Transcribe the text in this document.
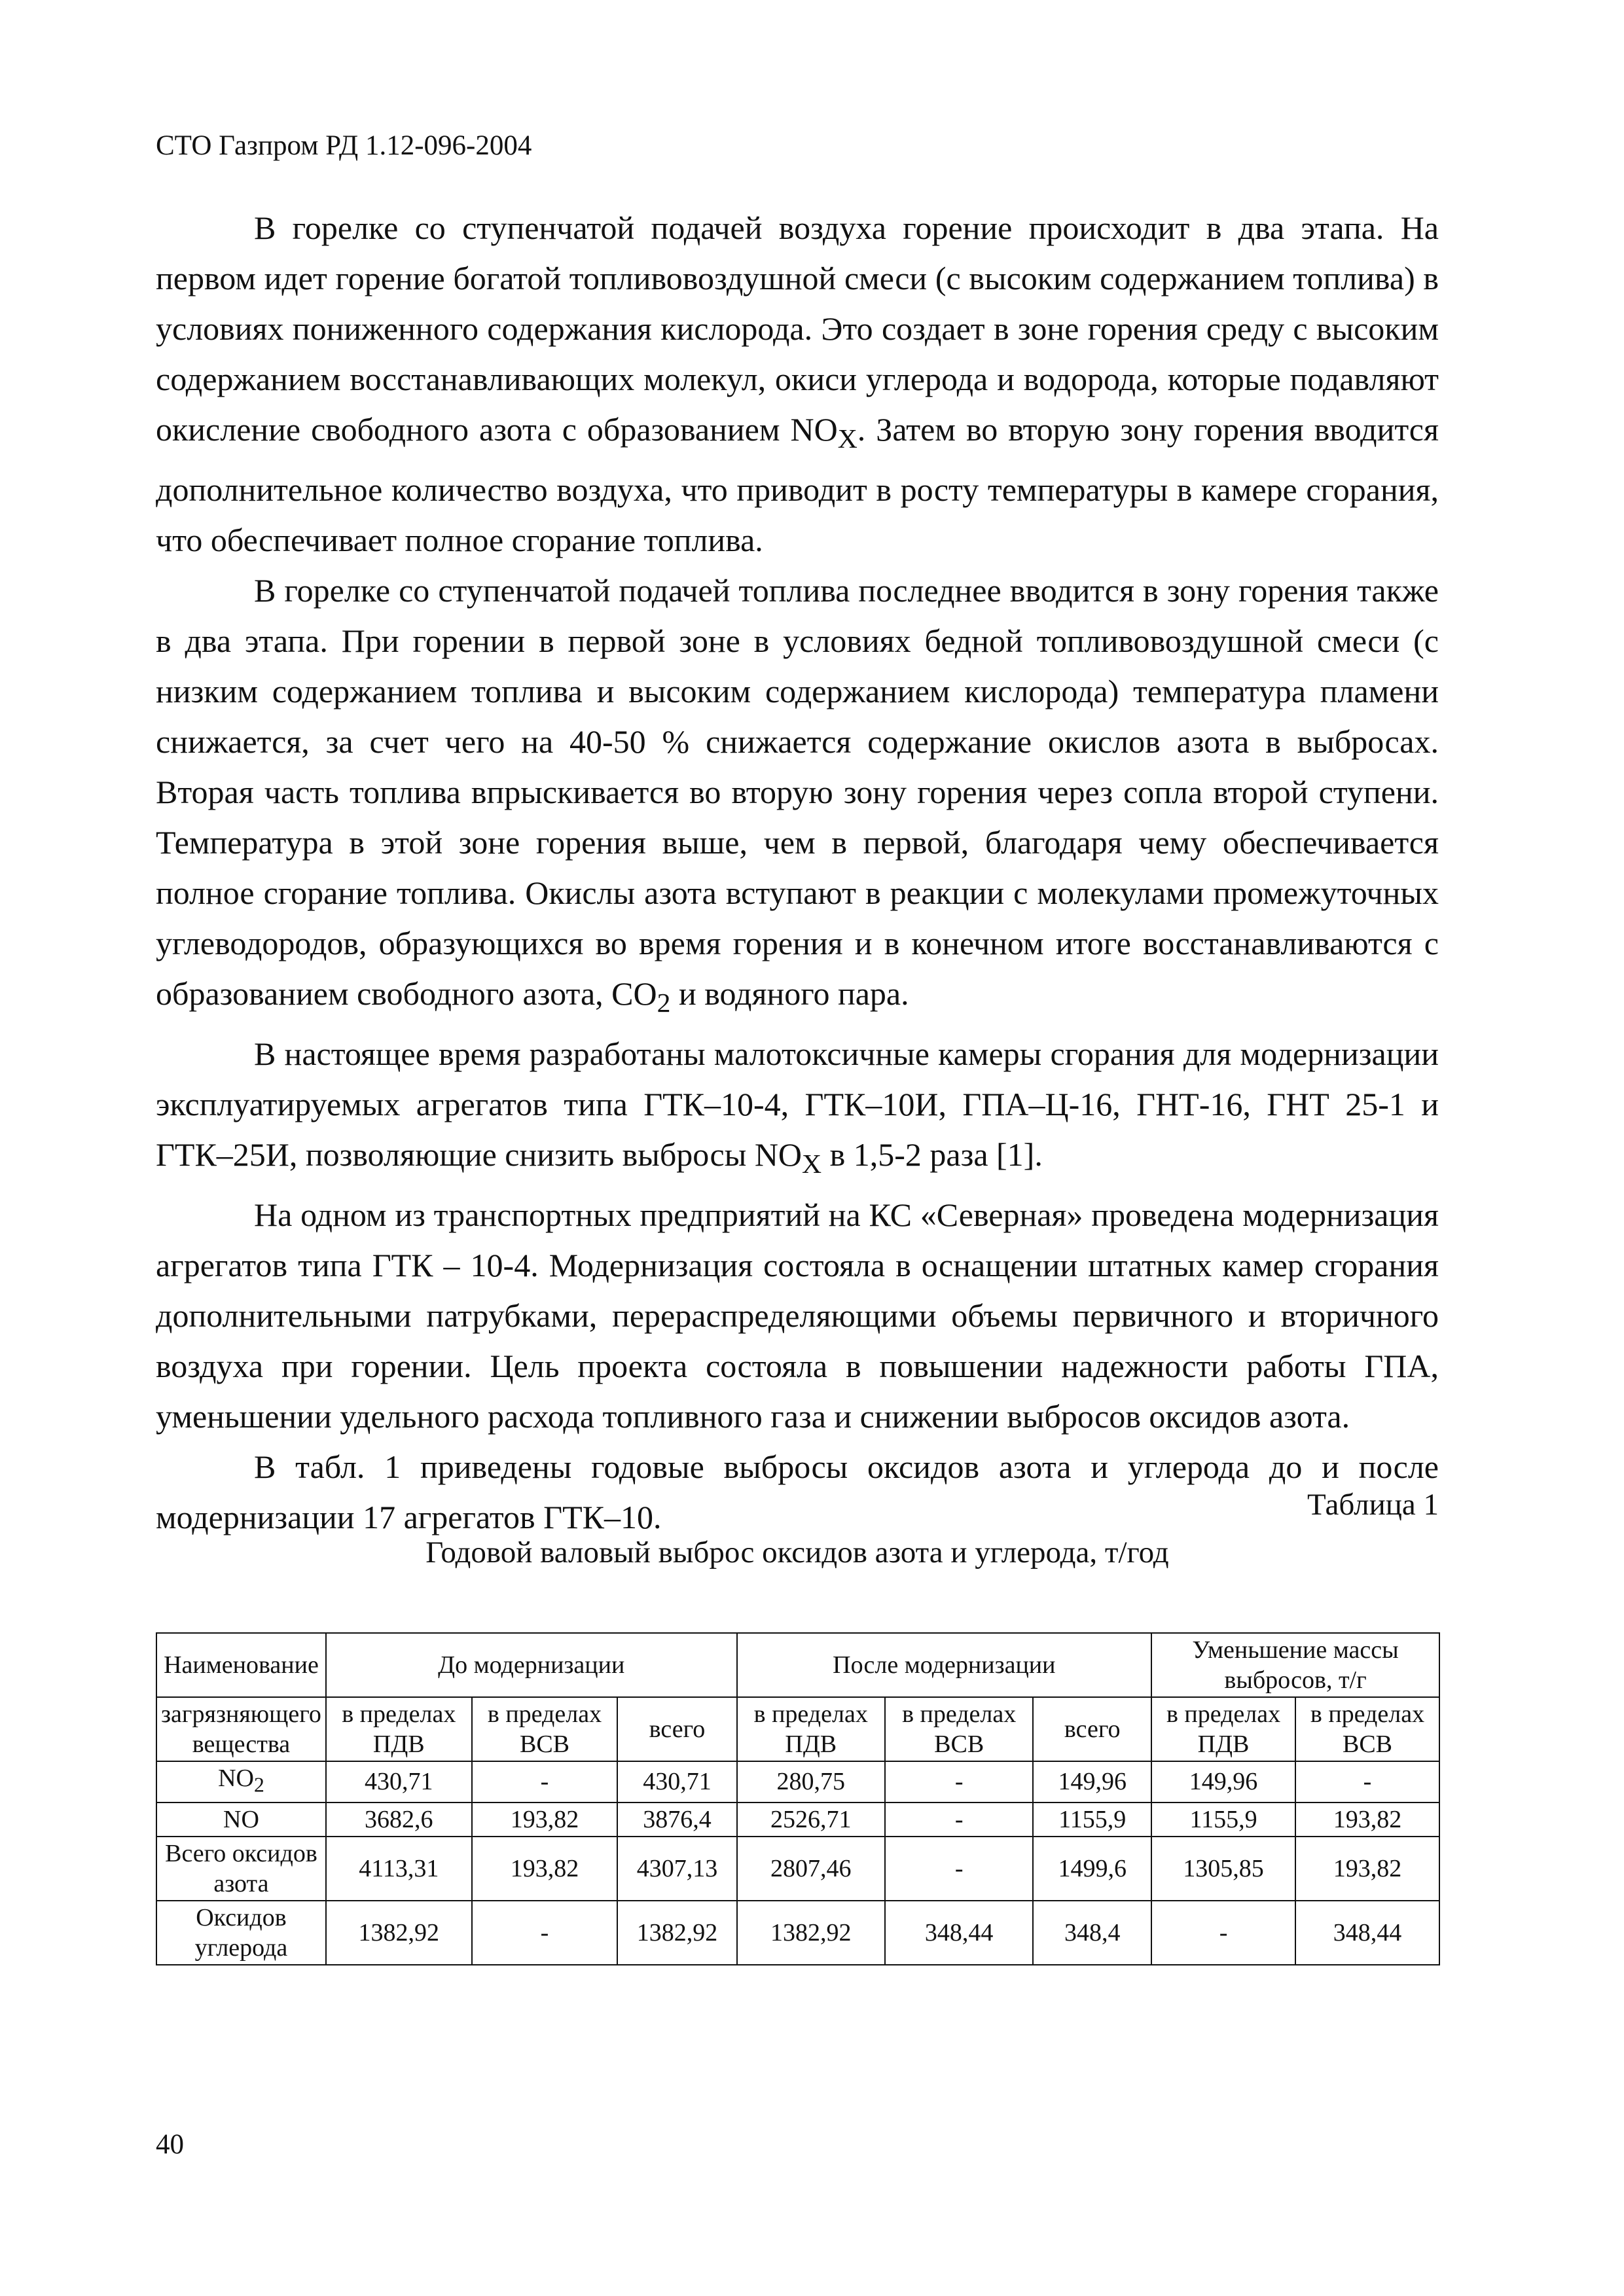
СТО Газпром РД 1.12-096-2004

В горелке со ступенчатой подачей воздуха горение происходит в два этапа. На первом идет горение богатой топливовоздушной смеси (с высоким содержанием топлива) в условиях пониженного содержания кислорода. Это создает в зоне горения среду с высоким содержанием восстанавливающих молекул, окиси углерода и водорода, которые подавляют окисление свободного азота с образованием $NO_X$. Затем во вторую зону горения вводится дополнительное количество воздуха, что приводит в росту температуры в камере сгорания, что обеспечивает полное сгорание топлива.

В горелке со ступенчатой подачей топлива последнее вводится в зону горения также в два этапа. При горении в первой зоне в условиях бедной топливовоздушной смеси (с низким содержанием топлива и высоким содержанием кислорода) температура пламени снижается, за счет чего на 40-50 % снижается содержание окислов азота в выбросах. Вторая часть топлива впрыскивается во вторую зону горения через сопла второй ступени. Температура в этой зоне горения выше, чем в первой, благодаря чему обеспечивается полное сгорание топлива. Окислы азота вступают в реакции с молекулами промежуточных углеводородов, образующихся во время горения и в конечном итоге восстанавливаются с образованием свободного азота, $CO_2$ и водяного пара.

В настоящее время разработаны малотоксичные камеры сгорания для модернизации эксплуатируемых агрегатов типа ГТК–10-4, ГТК–10И, ГПА–Ц-16, ГНТ-16, ГНТ 25-1 и ГТК–25И, позволяющие снизить выбросы $NO_X$ в 1,5-2 раза [1].

На одном из транспортных предприятий на КС «Северная» проведена модернизация агрегатов типа ГТК – 10-4. Модернизация состояла в оснащении штатных камер сгорания дополнительными патрубками, перераспределяющими объемы первичного и вторичного воздуха при горении. Цель проекта состояла в повышении надежности работы ГПА, уменьшении удельного расхода топливного газа и снижении выбросов оксидов азота.

В табл. 1 приведены годовые выбросы оксидов азота и углерода до и после модернизации 17 агрегатов ГТК–10.	Таблица 1
Годовой валовый выброс оксидов азота и углерода, т/год
Наименование	До модернизации			После модернизации			Уменьшение массы выбросов, т/г	
загрязняющего вещества	в пределах ПДВ	в пределах ВСВ	всего	в пределах ПДВ	в пределах ВСВ	всего	в пределах ПДВ	в пределах ВСВ
$NO_2$	430,71	-	430,71	280,75	-	149,96	149,96	-
NO	3682,6	193,82	3876,4	2526,71	-	1155,9	1155,9	193,82
Всего оксидов азота	4113,31	193,82	4307,13	2807,46	-	1499,6	1305,85	193,82
Оксидов углерода	1382,92	-	1382,92	1382,92	348,44	348,4	-	348,44
40
